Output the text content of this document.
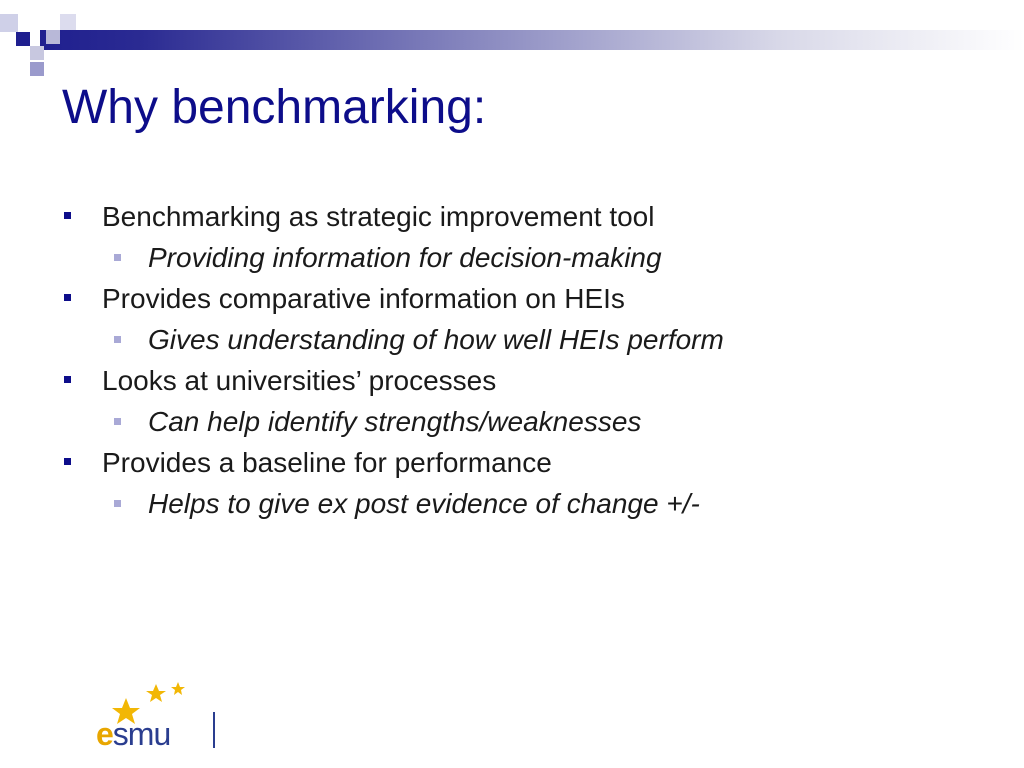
Why benchmarking:
Benchmarking as strategic improvement tool
Providing information for decision-making
Provides comparative information on HEIs
Gives understanding of how well HEIs perform
Looks at universities’ processes
Can help identify strengths/weaknesses
Provides a baseline for performance
Helps to give ex post evidence of change +/-
esmu
